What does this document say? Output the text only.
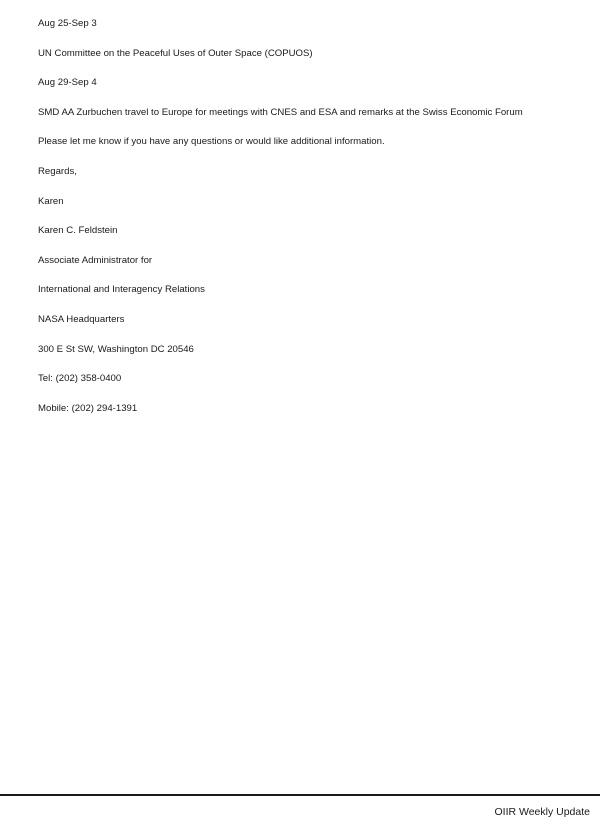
Aug 25-Sep 3
UN Committee on the Peaceful Uses of Outer Space (COPUOS)
Aug 29-Sep 4
SMD AA Zurbuchen travel to Europe for meetings with CNES and ESA and remarks at the Swiss Economic Forum
Please let me know if you have any questions or would like additional information.
Regards,
Karen
Karen C. Feldstein
Associate Administrator for
International and Interagency Relations
NASA Headquarters
300 E St SW, Washington DC 20546
Tel: (202) 358-0400
Mobile: (202) 294-1391
OIIR Weekly Update
